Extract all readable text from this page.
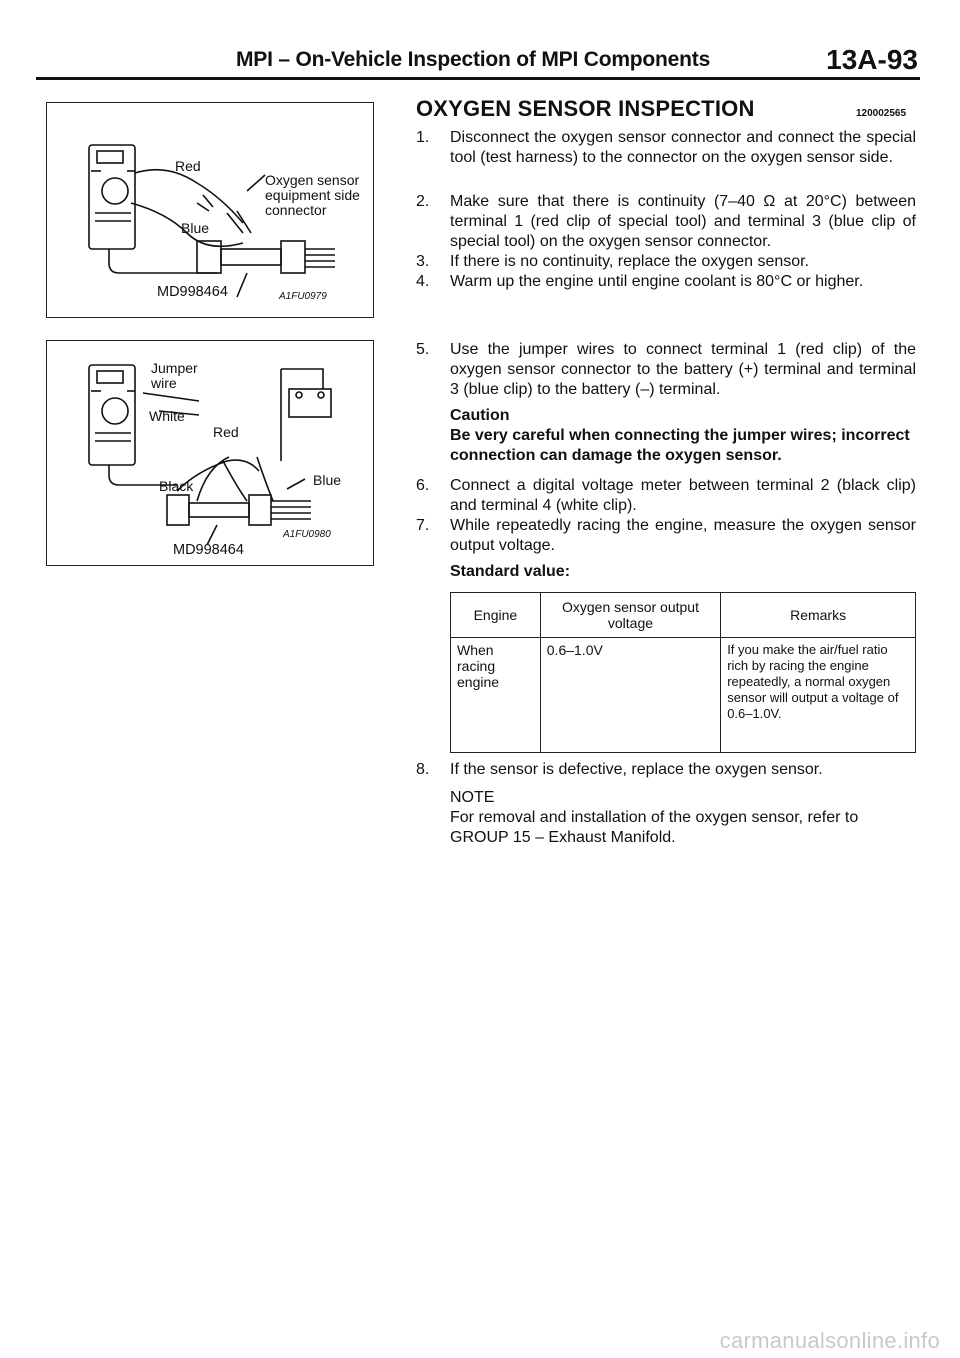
MPI – On-Vehicle Inspection of MPI Components	13A-93
Red
Blue
Oxygen sensor
equipment side
connector
MD998464	A1FU0979
Jumper
wire
White
Red
Black	Blue
A1FU0980
MD998464
OXYGEN SENSOR INSPECTION	120002565
1. Disconnect the oxygen sensor connector and connect the special tool (test harness) to the connector on the oxygen sensor side.
2. Make sure that there is continuity (7–40 Ω at 20°C) between terminal 1 (red clip of special tool) and terminal 3 (blue clip of special tool) on the oxygen sensor connector.
3. If there is no continuity, replace the oxygen sensor.
4. Warm up the engine until engine coolant is 80°C or higher.
5. Use the jumper wires to connect terminal 1 (red clip) of the oxygen sensor connector to the battery (+) terminal and terminal 3 (blue clip) to the battery (–) terminal.
Caution
Be very careful when connecting the jumper wires; incorrect connection can damage the oxygen sensor.
6. Connect a digital voltage meter between terminal 2 (black clip) and terminal 4 (white clip).
7. While repeatedly racing the engine, measure the oxygen sensor output voltage.
Standard value:
Engine	Oxygen sensor output voltage	Remarks
When racing engine	0.6–1.0V	If you make the air/fuel ratio rich by racing the engine repeatedly, a normal oxygen sensor will output a voltage of 0.6–1.0V.
8. If the sensor is defective, replace the oxygen sensor.
NOTE
For removal and installation of the oxygen sensor, refer to GROUP 15 – Exhaust Manifold.
carmanualsonline.info
